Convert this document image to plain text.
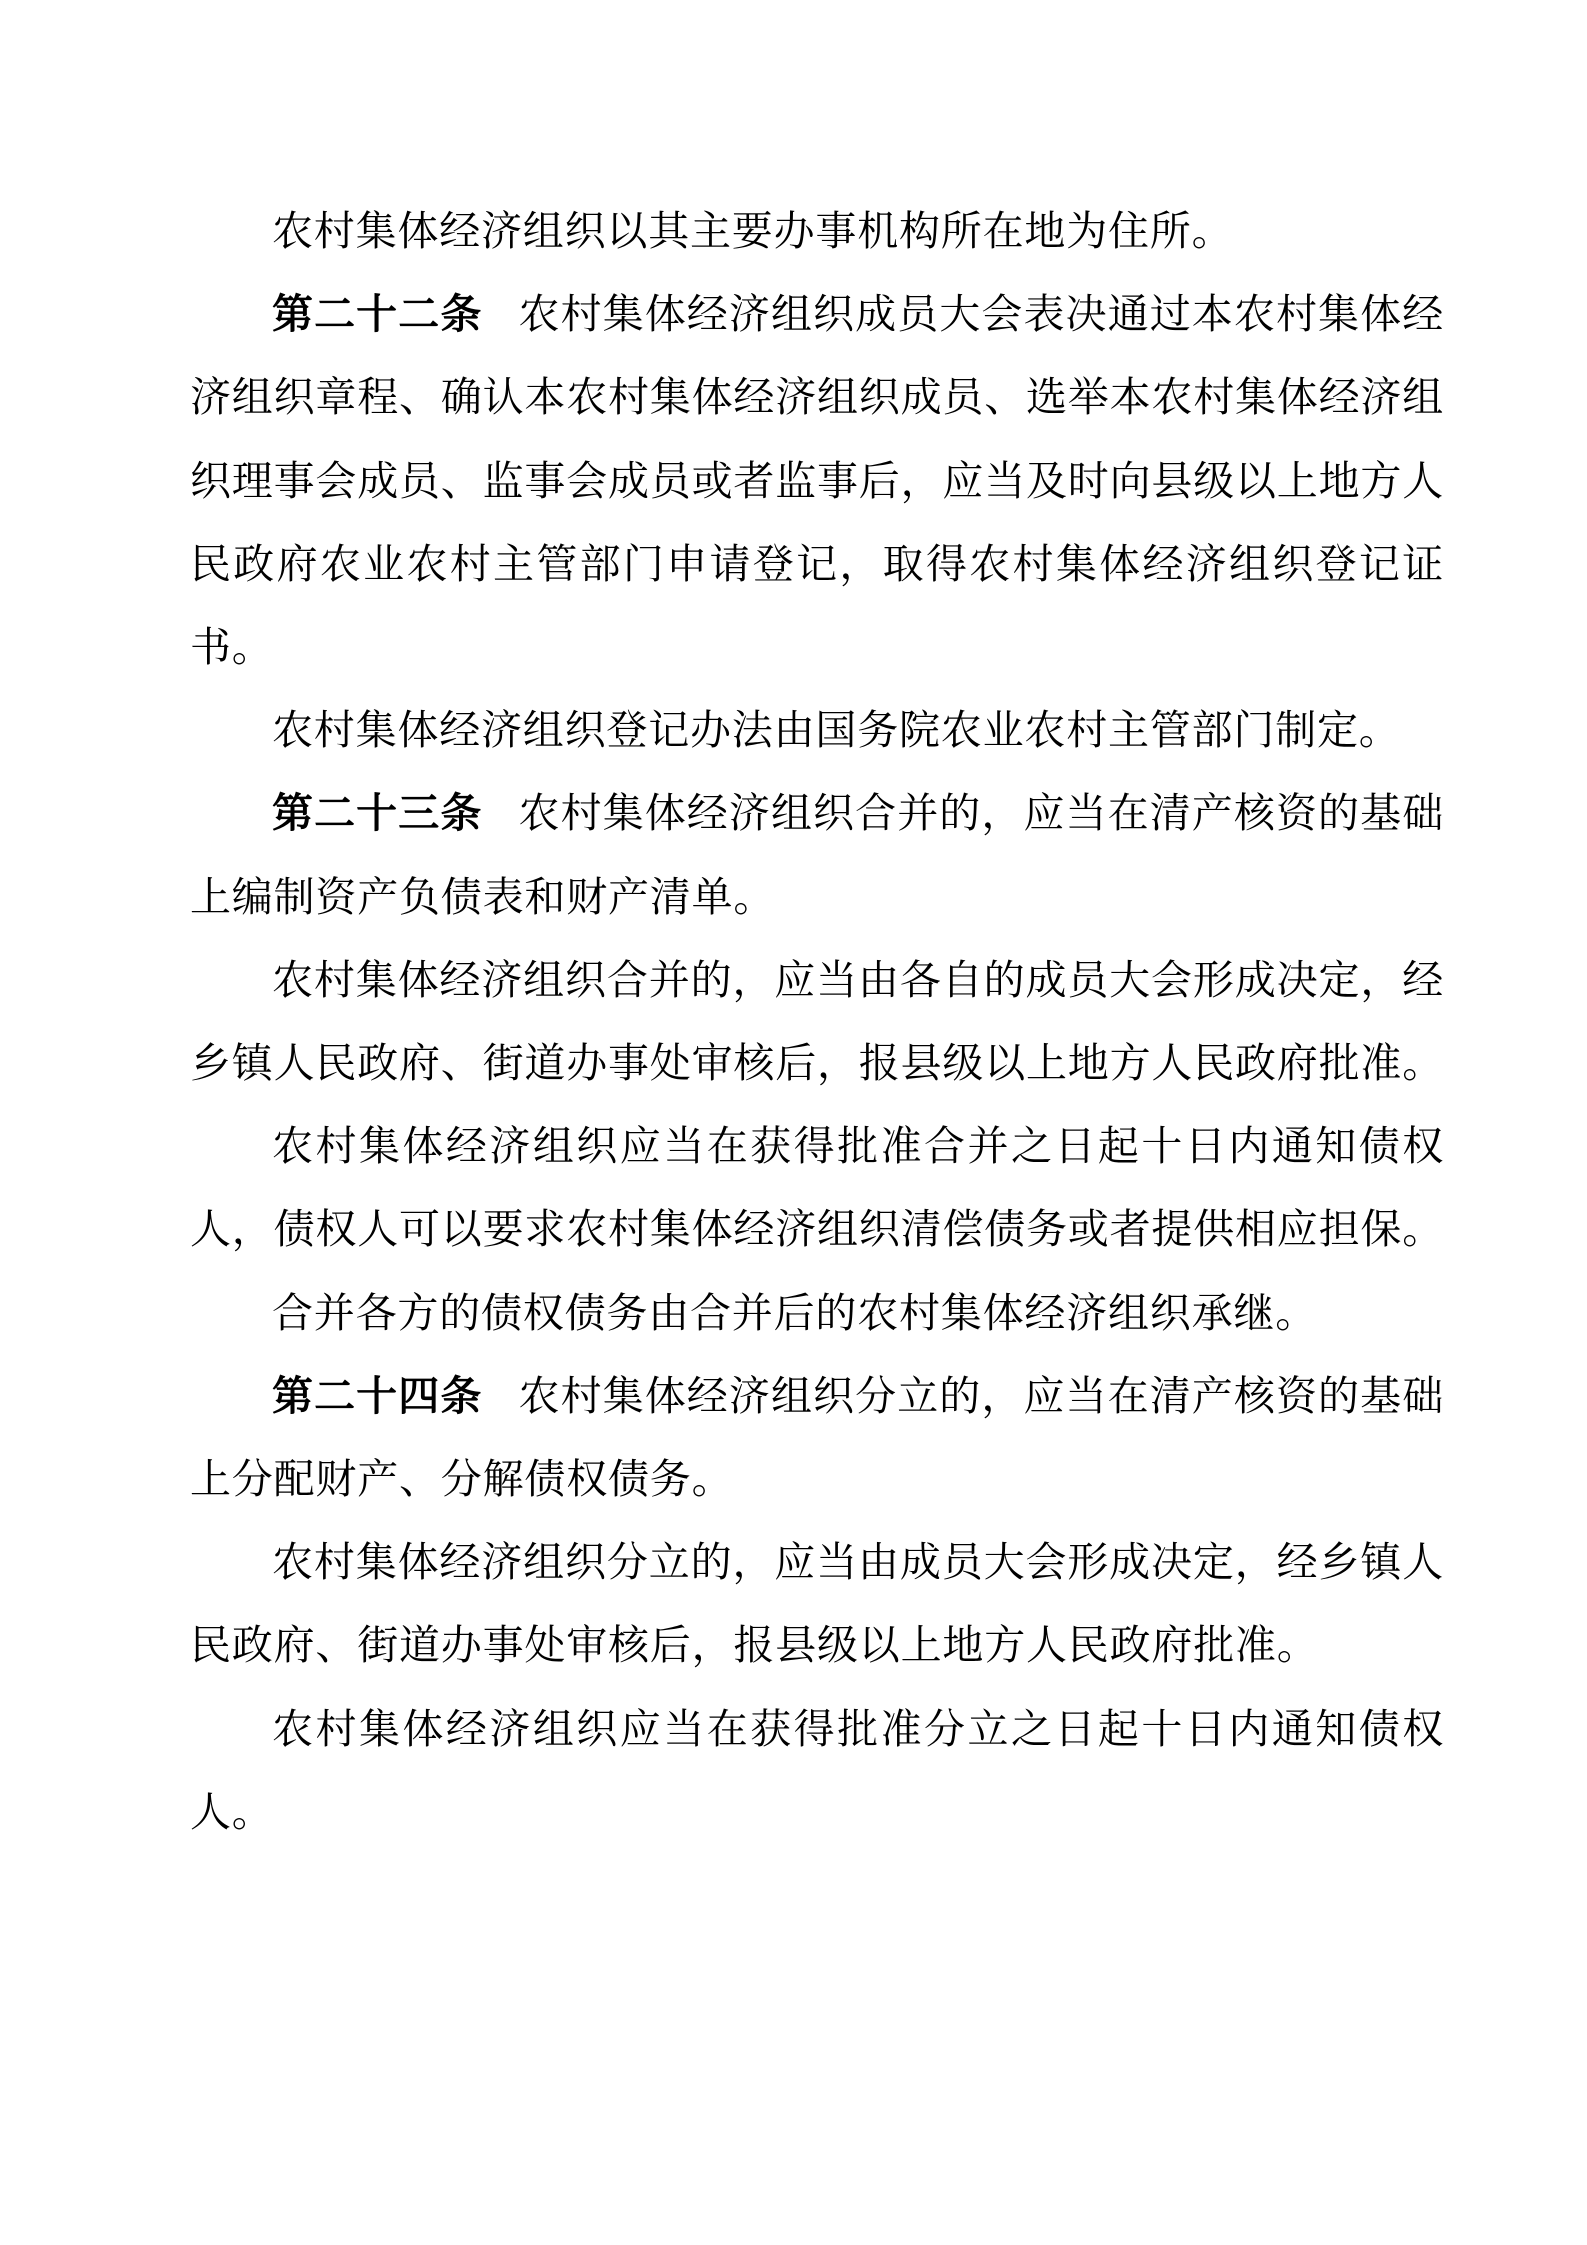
农村集体经济组织以其主要办事机构所在地为住所。

第二十二条 农村集体经济组织成员大会表决通过本农村集体经济组织章程、确认本农村集体经济组织成员、选举本农村集体经济组织理事会成员、监事会成员或者监事后，应当及时向县级以上地方人民政府农业农村主管部门申请登记，取得农村集体经济组织登记证书。

农村集体经济组织登记办法由国务院农业农村主管部门制定。

第二十三条 农村集体经济组织合并的，应当在清产核资的基础上编制资产负债表和财产清单。

农村集体经济组织合并的，应当由各自的成员大会形成决定，经乡镇人民政府、街道办事处审核后，报县级以上地方人民政府批准。

农村集体经济组织应当在获得批准合并之日起十日内通知债权人，债权人可以要求农村集体经济组织清偿债务或者提供相应担保。

合并各方的债权债务由合并后的农村集体经济组织承继。

第二十四条 农村集体经济组织分立的，应当在清产核资的基础上分配财产、分解债权债务。

农村集体经济组织分立的，应当由成员大会形成决定，经乡镇人民政府、街道办事处审核后，报县级以上地方人民政府批准。

农村集体经济组织应当在获得批准分立之日起十日内通知债权人。
